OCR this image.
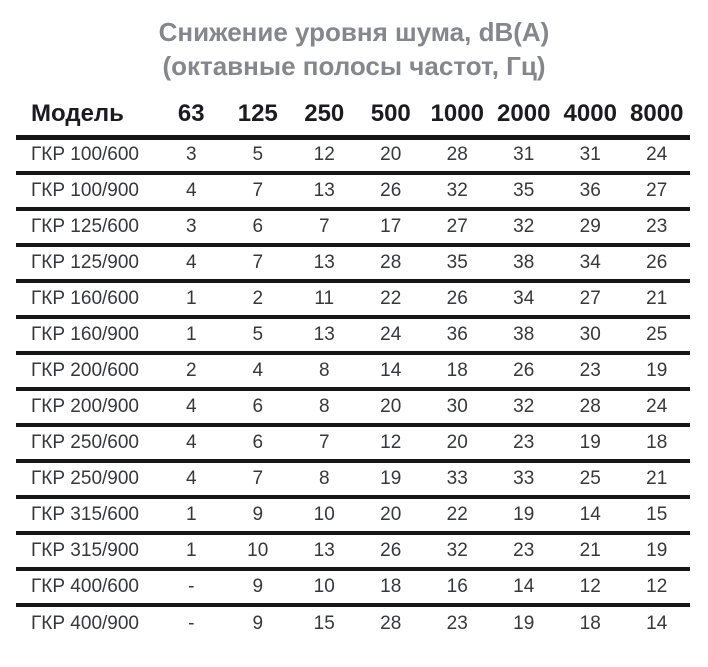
Снижение уровня шума, dB(A)
(октавные полосы частот, Гц)
Модель	63	125	250	500	1000	2000	4000	8000
ГКР 100/600	3	5	12	20	28	31	31	24
ГКР 100/900	4	7	13	26	32	35	36	27
ГКР 125/600	3	6	7	17	27	32	29	23
ГКР 125/900	4	7	13	28	35	38	34	26
ГКР 160/600	1	2	11	22	26	34	27	21
ГКР 160/900	1	5	13	24	36	38	30	25
ГКР 200/600	2	4	8	14	18	26	23	19
ГКР 200/900	4	6	8	20	30	32	28	24
ГКР 250/600	4	6	7	12	20	23	19	18
ГКР 250/900	4	7	8	19	33	33	25	21
ГКР 315/600	1	9	10	20	22	19	14	15
ГКР 315/900	1	10	13	26	32	23	21	19
ГКР 400/600	-	9	10	18	16	14	12	12
ГКР 400/900	-	9	15	28	23	19	18	14
